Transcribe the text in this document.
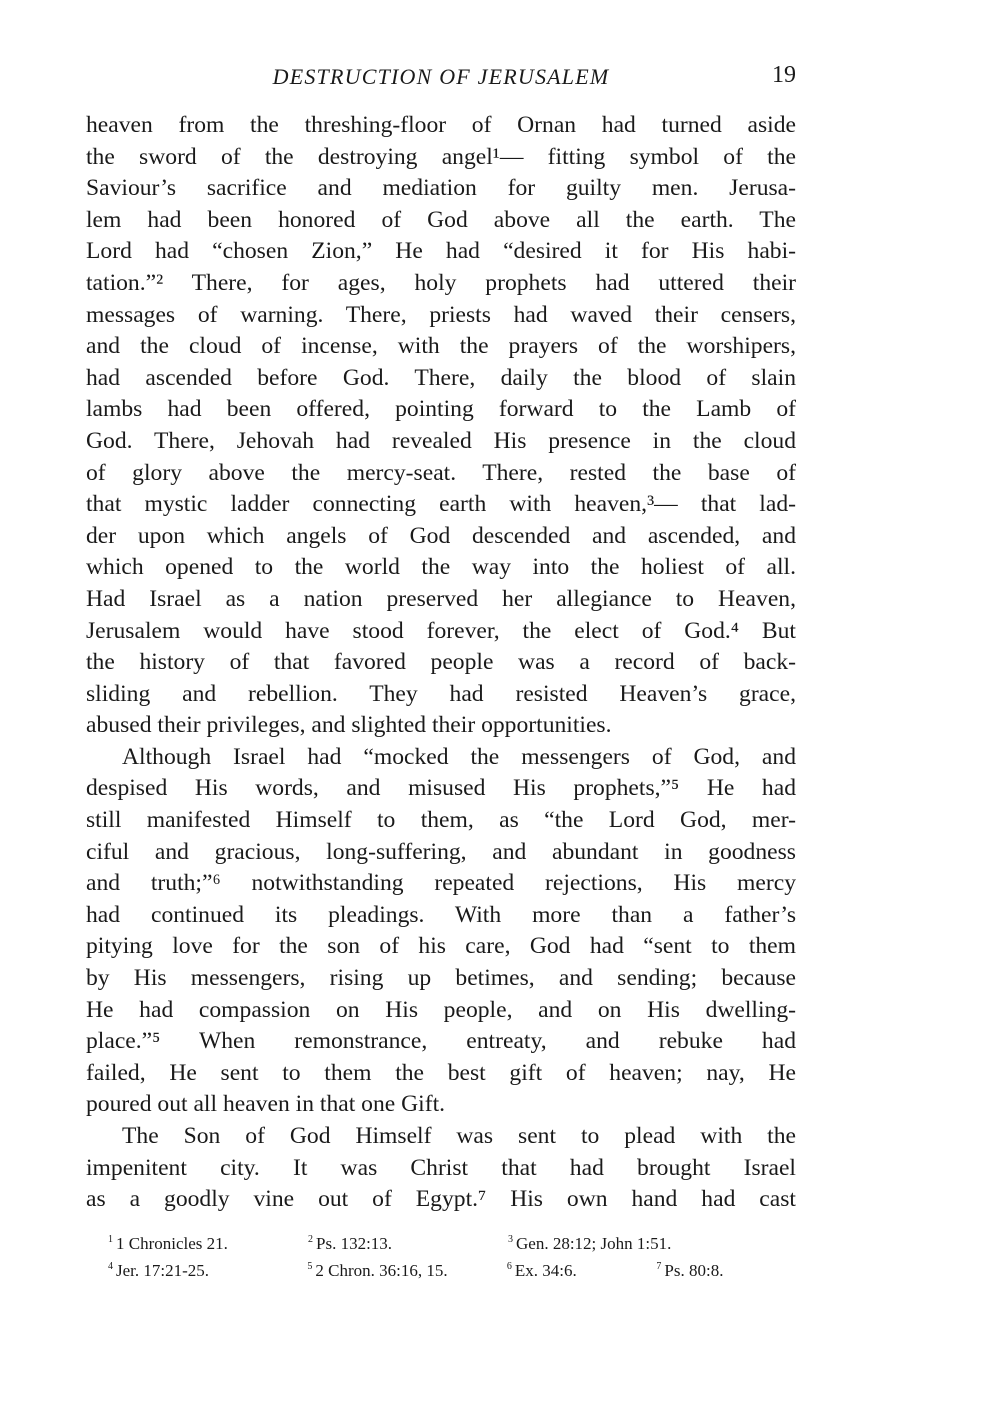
DESTRUCTION OF JERUSALEM	19

heaven from the threshing-floor of Ornan had turned aside
the sword of the destroying angel¹— fitting symbol of the
Saviour’s sacrifice and mediation for guilty men. Jerusa-
lem had been honored of God above all the earth. The
Lord had “chosen Zion,” He had “desired it for His habi-
tation.”² There, for ages, holy prophets had uttered their
messages of warning. There, priests had waved their censers,
and the cloud of incense, with the prayers of the worshipers,
had ascended before God. There, daily the blood of slain
lambs had been offered, pointing forward to the Lamb of
God. There, Jehovah had revealed His presence in the cloud
of glory above the mercy-seat. There, rested the base of
that mystic ladder connecting earth with heaven,³— that lad-
der upon which angels of God descended and ascended, and
which opened to the world the way into the holiest of all.
Had Israel as a nation preserved her allegiance to Heaven,
Jerusalem would have stood forever, the elect of God.⁴ But
the history of that favored people was a record of back-
sliding and rebellion. They had resisted Heaven’s grace,
abused their privileges, and slighted their opportunities.

Although Israel had “mocked the messengers of God, and
despised His words, and misused His prophets,”⁵ He had
still manifested Himself to them, as “the Lord God, mer-
ciful and gracious, long-suffering, and abundant in goodness
and truth;”⁶ notwithstanding repeated rejections, His mercy
had continued its pleadings. With more than a father’s
pitying love for the son of his care, God had “sent to them
by His messengers, rising up betimes, and sending; because
He had compassion on His people, and on His dwelling-
place.”⁵ When remonstrance, entreaty, and rebuke had
failed, He sent to them the best gift of heaven; nay, He
poured out all heaven in that one Gift.

The Son of God Himself was sent to plead with the
impenitent city. It was Christ that had brought Israel
as a goodly vine out of Egypt.⁷ His own hand had cast

$^1$ 1 Chronicles 21.	$^2$ Ps. 132:13.	$^3$ Gen. 28:12; John 1:51.
$^4$ Jer. 17:21-25.	$^5$ 2 Chron. 36:16, 15.	$^6$ Ex. 34:6.	$^7$ Ps. 80:8.
